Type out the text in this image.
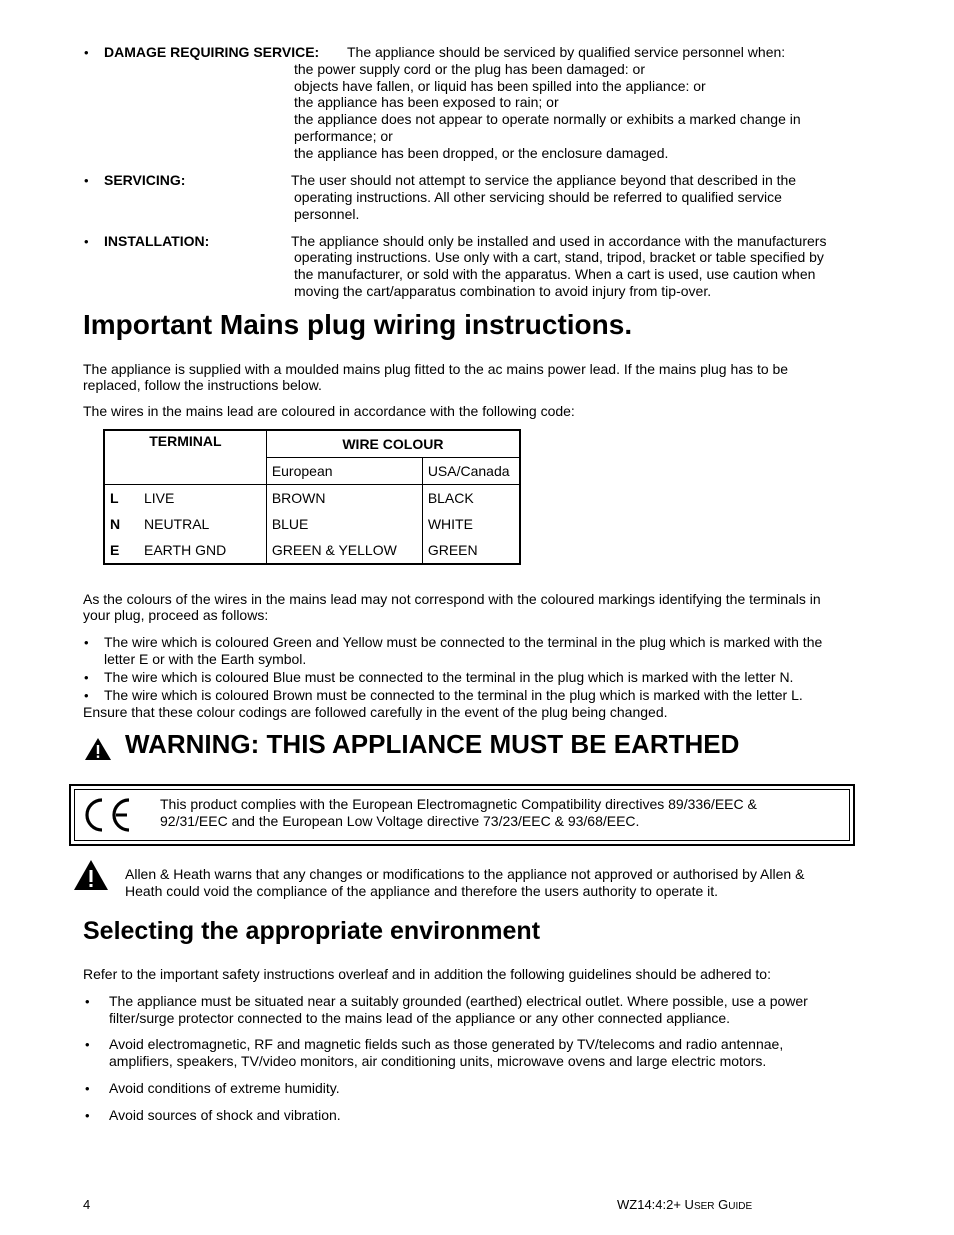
• DAMAGE REQUIRING SERVICE: The appliance should be serviced by qualified service personnel when:
the power supply cord or the plug has been damaged: or
objects have fallen, or liquid has been spilled into the appliance: or
the appliance has been exposed to rain; or
the appliance does not appear to operate normally or exhibits a marked change in
performance; or
the appliance has been dropped, or the enclosure damaged.
• SERVICING:	The user should not attempt to service the appliance beyond that described in the
operating instructions. All other servicing should be referred to qualified service
personnel.
• INSTALLATION:	The appliance should only be installed and used in accordance with the manufacturers
operating instructions. Use only with a cart, stand, tripod, bracket or table specified by
the manufacturer, or sold with the apparatus. When a cart is used, use caution when
moving the cart/apparatus combination to avoid injury from tip-over.
Important Mains plug wiring instructions.
The appliance is supplied with a moulded mains plug fitted to the ac mains power lead. If the mains plug has to be
replaced, follow the instructions below.
The wires in the mains lead are coloured in accordance with the following code:
TERMINAL		WIRE COLOUR	
		European	USA/Canada
L	LIVE	BROWN	BLACK
N	NEUTRAL	BLUE	WHITE
E	EARTH GND	GREEN & YELLOW	GREEN
As the colours of the wires in the mains lead may not correspond with the coloured markings identifying the terminals in
your plug, proceed as follows:
• The wire which is coloured Green and Yellow must be connected to the terminal in the plug which is marked with the
letter E or with the Earth symbol.
• The wire which is coloured Blue must be connected to the terminal in the plug which is marked with the letter N.
• The wire which is coloured Brown must be connected to the terminal in the plug which is marked with the letter L.
Ensure that these colour codings are followed carefully in the event of the plug being changed.
WARNING: THIS APPLIANCE MUST BE EARTHED
This product complies with the European Electromagnetic Compatibility directives 89/336/EEC &
92/31/EEC and the European Low Voltage directive 73/23/EEC & 93/68/EEC.
Allen & Heath warns that any changes or modifications to the appliance not approved or authorised by Allen &
Heath could void the compliance of the appliance and therefore the users authority to operate it.
Selecting the appropriate environment
Refer to the important safety instructions overleaf and in addition the following guidelines should be adhered to:
• The appliance must be situated near a suitably grounded (earthed) electrical outlet. Where possible, use a power
filter/surge protector connected to the mains lead of the appliance or any other connected appliance.
• Avoid electromagnetic, RF and magnetic fields such as those generated by TV/telecoms and radio antennae,
amplifiers, speakers, TV/video monitors, air conditioning units, microwave ovens and large electric motors.
• Avoid conditions of extreme humidity.
• Avoid sources of shock and vibration.
4	WZ14:4:2+ USER GUIDE
